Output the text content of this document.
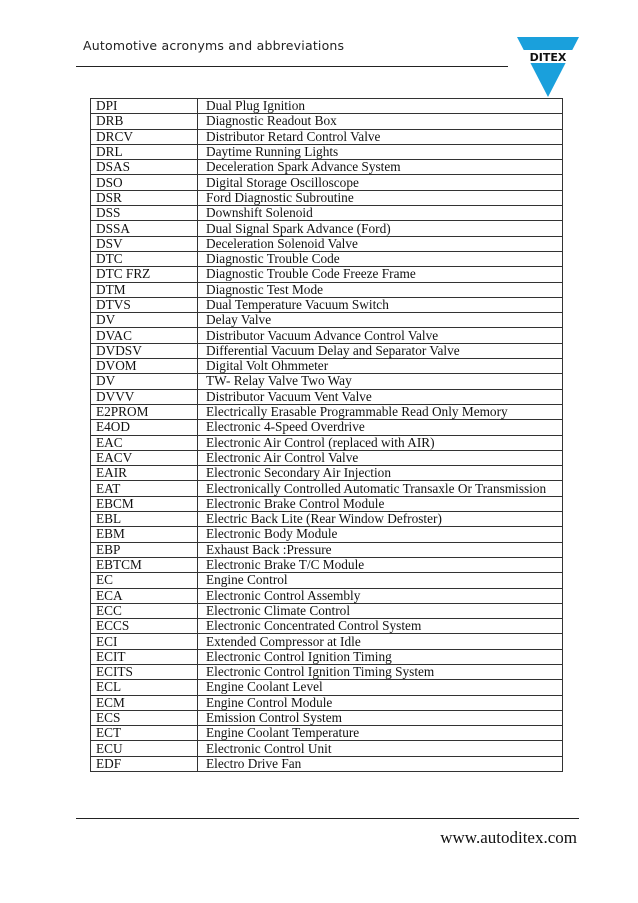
Automotive acronyms and abbreviations
DITEX
DPI	Dual Plug Ignition
DRB	Diagnostic Readout Box
DRCV	Distributor Retard Control Valve
DRL	Daytime Running Lights
DSAS	Deceleration Spark Advance System
DSO	Digital Storage Oscilloscope
DSR	Ford Diagnostic Subroutine
DSS	Downshift Solenoid
DSSA	Dual Signal Spark Advance (Ford)
DSV	Deceleration Solenoid Valve
DTC	Diagnostic Trouble Code
DTC FRZ	Diagnostic Trouble Code Freeze Frame
DTM	Diagnostic Test Mode
DTVS	Dual Temperature Vacuum Switch
DV	Delay Valve
DVAC	Distributor Vacuum Advance Control Valve
DVDSV	Differential Vacuum Delay and Separator Valve
DVOM	Digital Volt Ohmmeter
DV	TW- Relay Valve Two Way
DVVV	Distributor Vacuum Vent Valve
E2PROM	Electrically Erasable Programmable Read Only Memory
E4OD	Electronic 4-Speed Overdrive
EAC	Electronic Air Control (replaced with AIR)
EACV	Electronic Air Control Valve
EAIR	Electronic Secondary Air Injection
EAT	Electronically Controlled Automatic Transaxle Or Transmission
EBCM	Electronic Brake Control Module
EBL	Electric Back Lite (Rear Window Defroster)
EBM	Electronic Body Module
EBP	Exhaust Back :Pressure
EBTCM	Electronic Brake T/C Module
EC	Engine Control
ECA	Electronic Control Assembly
ECC	Electronic Climate Control
ECCS	Electronic Concentrated Control System
ECI	Extended Compressor at Idle
ECIT	Electronic Control Ignition Timing
ECITS	Electronic Control Ignition Timing System
ECL	Engine Coolant Level
ECM	Engine Control Module
ECS	Emission Control System
ECT	Engine Coolant Temperature
ECU	Electronic Control Unit
EDF	Electro Drive Fan
www.autoditex.com
